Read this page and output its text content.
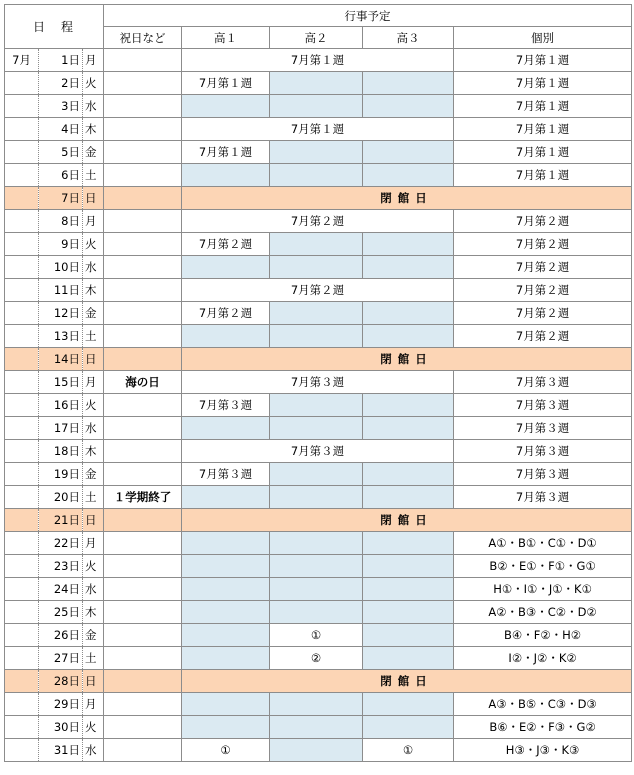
日　程			行事予定				
			祝日など	高１	高２	高３	個別
7月	1日	月		7月第１週			7月第１週
	2日	火		7月第１週			7月第１週
	3日	水					7月第１週
	4日	木		7月第１週			7月第１週
	5日	金		7月第１週			7月第１週
	6日	土					7月第１週
	7日	日		閉館日			
	8日	月		7月第２週			7月第２週
	9日	火		7月第２週			7月第２週
	10日	水					7月第２週
	11日	木		7月第２週			7月第２週
	12日	金		7月第２週			7月第２週
	13日	土					7月第２週
	14日	日		閉館日			
	15日	月	海の日	7月第３週			7月第３週
	16日	火		7月第３週			7月第３週
	17日	水					7月第３週
	18日	木		7月第３週			7月第３週
	19日	金		7月第３週			7月第３週
	20日	土	１学期終了				7月第３週
	21日	日		閉館日			
	22日	月					A①・B①・C①・D①
	23日	火					B②・E①・F①・G①
	24日	水					H①・I①・J①・K①
	25日	木					A②・B③・C②・D②
	26日	金			①		B④・F②・H②
	27日	土			②		I②・J②・K②
	28日	日		閉館日			
	29日	月					A③・B⑤・C③・D③
	30日	火					B⑥・E②・F③・G②
	31日	水		①		①	H③・J③・K③
